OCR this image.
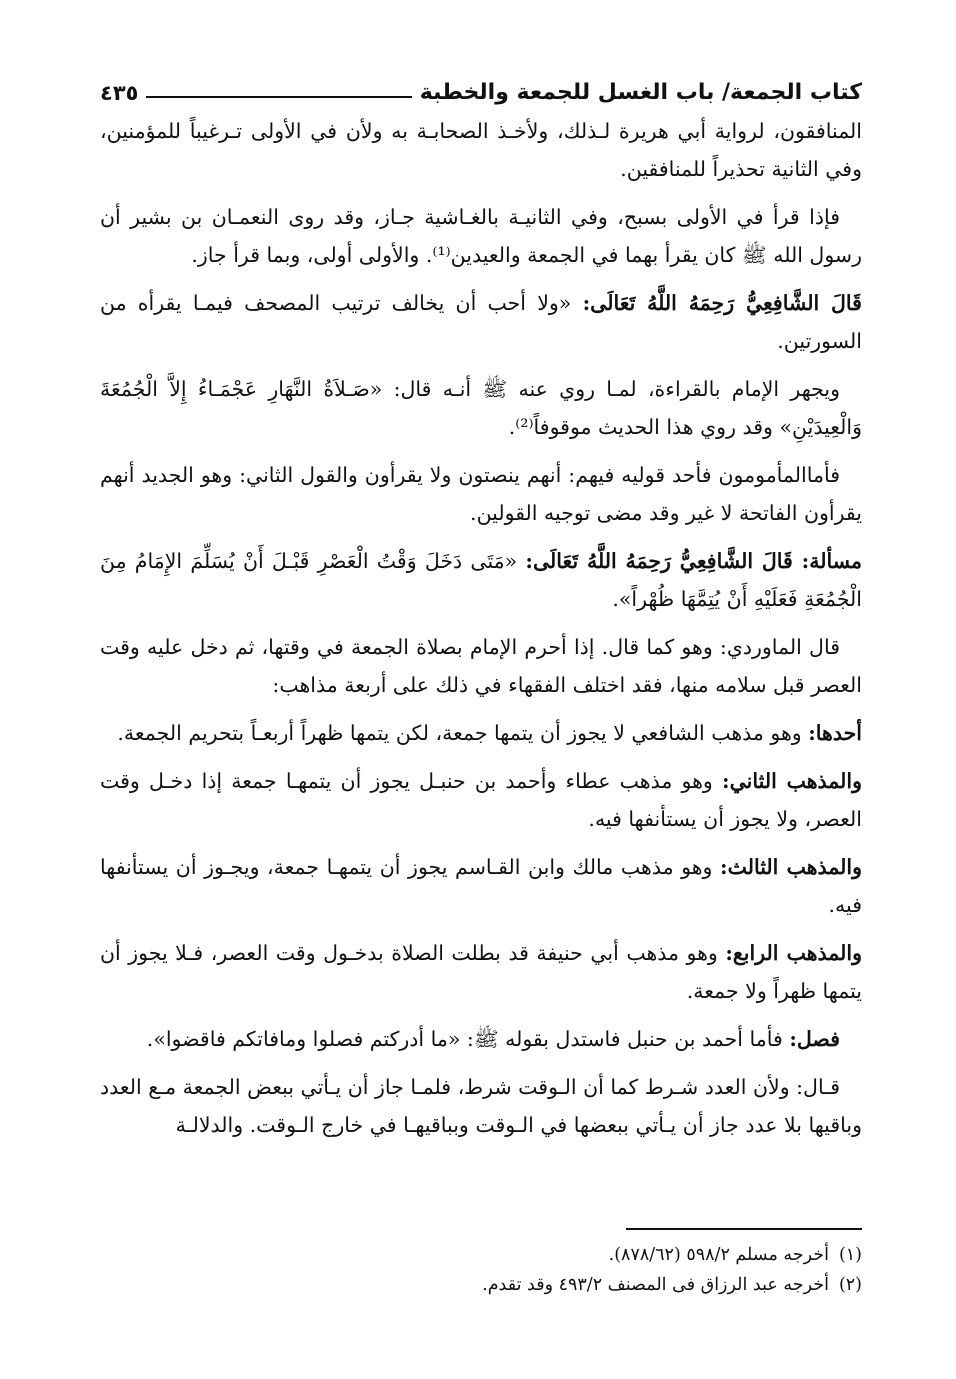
كتاب الجمعة/ باب الغسل للجمعة والخطبة
٤٣٥

المنافقون، لرواية أبي هريرة لـذلك، ولأخـذ الصحابـة به ولأن في الأولى تـرغيباً للمؤمنين، وفي الثانية تحذيراً للمنافقين.

فإذا قرأ في الأولى بسبح، وفي الثانيـة بالغـاشية جـاز، وقد روى النعمـان بن بشير أن رسول الله ﷺ كان يقرأ بهما في الجمعة والعيدين⁽¹⁾. والأولى أولى، وبما قرأ جاز.

قَالَ الشَّافِعِيُّ رَحِمَهُ اللَّهُ تَعَالَى: «ولا أحب أن يخالف ترتيب المصحف فيمـا يقرأه من السورتين.

ويجهر الإمام بالقراءة، لمـا روي عنه ﷺ أنـه قال: «صَـلاَةُ النَّهَارِ عَجْمَـاءُ إِلاَّ الْجُمُعَةَ وَالْعِيدَيْنِ» وقد روي هذا الحديث موقوفاً⁽²⁾.

فأماالمأمومون فأحد قوليه فيهم: أنهم ينصتون ولا يقرأون والقول الثاني: وهو الجديد أنهم يقرأون الفاتحة لا غير وقد مضى توجيه القولين.

مسألة: قَالَ الشَّافِعِيُّ رَحِمَهُ اللَّهُ تَعَالَى: «مَتَى دَخَلَ وَقْتُ الْعَصْرِ قَبْـلَ أَنْ يُسَلِّمَ الإِمَامُ مِنَ الْجُمُعَةِ فَعَلَيْهِ أَنْ يُتِمَّهَا ظُهْراً».

قال الماوردي: وهو كما قال. إذا أحرم الإمام بصلاة الجمعة في وقتها، ثم دخل عليه وقت العصر قبل سلامه منها، فقد اختلف الفقهاء في ذلك على أربعة مذاهب:

أحدها: وهو مذهب الشافعي لا يجوز أن يتمها جمعة، لكن يتمها ظهراً أربعـاً بتحريم الجمعة.

والمذهب الثاني: وهو مذهب عطاء وأحمد بن حنبـل يجوز أن يتمهـا جمعة إذا دخـل وقت العصر، ولا يجوز أن يستأنفها فيه.

والمذهب الثالث: وهو مذهب مالك وابن القـاسم يجوز أن يتمهـا جمعة، ويجـوز أن يستأنفها فيه.

والمذهب الرابع: وهو مذهب أبي حنيفة قد بطلت الصلاة بدخـول وقت العصر، فـلا يجوز أن يتمها ظهراً ولا جمعة.

فصل: فأما أحمد بن حنبل فاستدل بقوله ﷺ: «ما أدركتم فصلوا ومافاتكم فاقضوا».

قـال: ولأن العدد شـرط كما أن الـوقت شرط، فلمـا جاز أن يـأتي ببعض الجمعة مـع العدد وباقيها بلا عدد جاز أن يـأتي ببعضها في الـوقت وبباقيهـا في خارج الـوقت. والدلالـة

(١)أخرجه مسلم ٥٩٨/٢ (٨٧٨/٦٢).
(٢)أخرجه عبد الرزاق فى المصنف ٤٩٣/٢ وقد تقدم.
